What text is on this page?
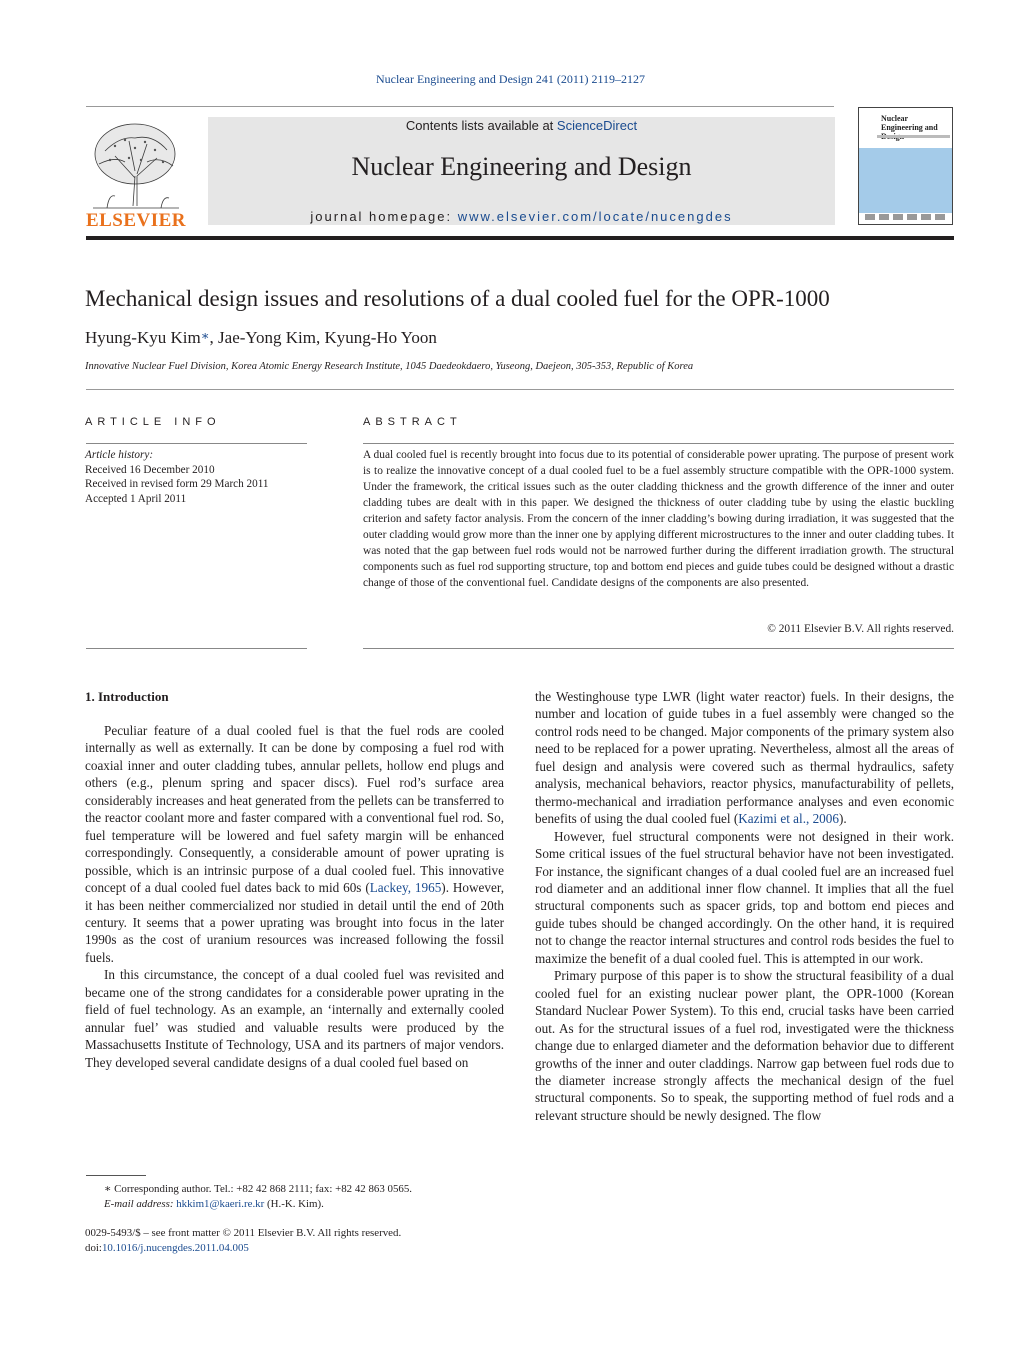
Nuclear Engineering and Design 241 (2011) 2119–2127
ELSEVIER
Contents lists available at ScienceDirect
Nuclear Engineering and Design
journal homepage: www.elsevier.com/locate/nucengdes
Nuclear Engineering and
Mechanical design issues and resolutions of a dual cooled fuel for the OPR-1000
Hyung-Kyu Kim∗, Jae-Yong Kim, Kyung-Ho Yoon
Innovative Nuclear Fuel Division, Korea Atomic Energy Research Institute, 1045 Daedeokdaero, Yuseong, Daejeon, 305-353, Republic of Korea
ARTICLE INFO	ABSTRACT
Article history:
Received 16 December 2010
Received in revised form 29 March 2011
Accepted 1 April 2011
A dual cooled fuel is recently brought into focus due to its potential of considerable power uprating. The purpose of present work is to realize the innovative concept of a dual cooled fuel to be a fuel assembly structure compatible with the OPR-1000 system. Under the framework, the critical issues such as the outer cladding thickness and the growth difference of the inner and outer cladding tubes are dealt with in this paper. We designed the thickness of outer cladding tube by using the elastic buckling criterion and safety factor analysis. From the concern of the inner cladding’s bowing during irradiation, it was suggested that the outer cladding would grow more than the inner one by applying different microstructures to the inner and outer cladding tubes. It was noted that the gap between fuel rods would not be narrowed further during the different irradiation growth. The structural components such as fuel rod supporting structure, top and bottom end pieces and guide tubes could be designed without a drastic change of those of the conventional fuel. Candidate designs of the components are also presented.
© 2011 Elsevier B.V. All rights reserved.
1. Introduction

Peculiar feature of a dual cooled fuel is that the fuel rods are cooled internally as well as externally. It can be done by composing a fuel rod with coaxial inner and outer cladding tubes, annular pellets, hollow end plugs and others (e.g., plenum spring and spacer discs). Fuel rod’s surface area considerably increases and heat generated from the pellets can be transferred to the reactor coolant more and faster compared with a conventional fuel rod. So, fuel temperature will be lowered and fuel safety margin will be enhanced correspondingly. Consequently, a considerable amount of power uprating is possible, which is an intrinsic purpose of a dual cooled fuel. This innovative concept of a dual cooled fuel dates back to mid 60s (Lackey, 1965). However, it has been neither commercialized nor studied in detail until the end of 20th century. It seems that a power uprating was brought into focus in the later 1990s as the cost of uranium resources was increased following the fossil fuels.

In this circumstance, the concept of a dual cooled fuel was revisited and became one of the strong candidates for a considerable power uprating in the field of fuel technology. As an example, an ‘internally and externally cooled annular fuel’ was studied and valuable results were produced by the Massachusetts Institute of Technology, USA and its partners of major vendors. They developed several candidate designs of a dual cooled fuel based on

the Westinghouse type LWR (light water reactor) fuels. In their designs, the number and location of guide tubes in a fuel assembly were changed so the control rods need to be changed. Major components of the primary system also need to be replaced for a power uprating. Nevertheless, almost all the areas of fuel design and analysis were covered such as thermal hydraulics, safety analysis, mechanical behaviors, reactor physics, manufacturability of pellets, thermo-mechanical and irradiation performance analyses and even economic benefits of using the dual cooled fuel (Kazimi et al., 2006).

However, fuel structural components were not designed in their work. Some critical issues of the fuel structural behavior have not been investigated. For instance, the significant changes of a dual cooled fuel are an increased fuel rod diameter and an additional inner flow channel. It implies that all the fuel structural components such as spacer grids, top and bottom end pieces and guide tubes should be changed accordingly. On the other hand, it is required not to change the reactor internal structures and control rods besides the fuel to maximize the benefit of a dual cooled fuel. This is attempted in our work.

Primary purpose of this paper is to show the structural feasibility of a dual cooled fuel for an existing nuclear power plant, the OPR-1000 (Korean Standard Nuclear Power System). To this end, crucial tasks have been carried out. As for the structural issues of a fuel rod, investigated were the thickness change due to enlarged diameter and the deformation behavior due to different growths of the inner and outer claddings. Narrow gap between fuel rods due to the diameter increase strongly affects the mechanical design of the fuel structural components. So to speak, the supporting method of fuel rods and a relevant structure should be newly designed. The flow

∗ Corresponding author. Tel.: +82 42 868 2111; fax: +82 42 863 0565.
E-mail address: hkkim1@kaeri.re.kr (H.-K. Kim).
0029-5493/$ – see front matter © 2011 Elsevier B.V. All rights reserved.
doi:10.1016/j.nucengdes.2011.04.005
